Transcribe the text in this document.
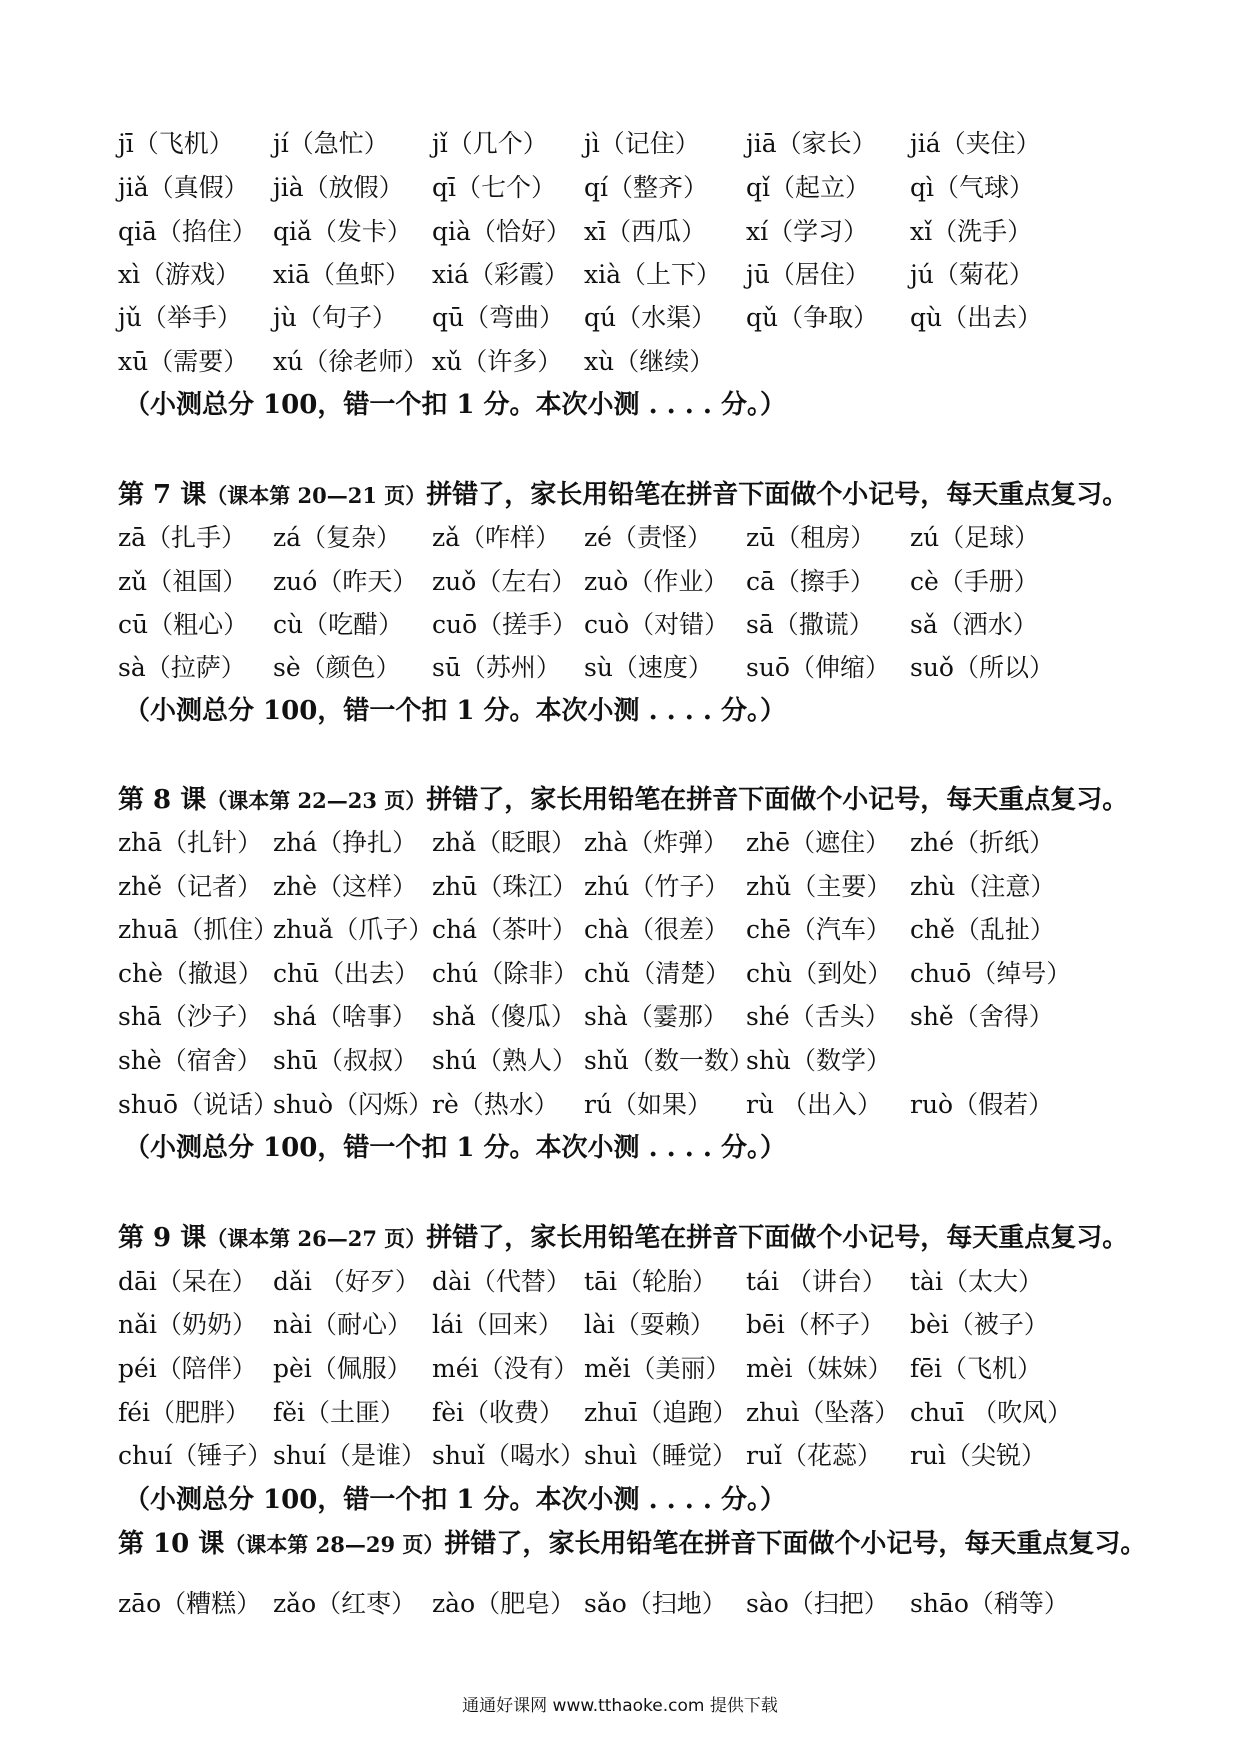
jī（飞机） jí（急忙） jǐ（几个） jì（记住） jiā（家长） jiá（夹住）
jiǎ（真假） jià（放假） qī（七个） qí（整齐） qǐ（起立） qì（气球）
qiā（掐住） qiǎ（发卡） qià（恰好） xī（西瓜） xí（学习） xǐ（洗手）
xì（游戏） xiā（鱼虾） xiá（彩霞） xià（上下） jū（居住） jú（菊花）
jǔ（举手） jù（句子） qū（弯曲） qú（水渠） qǔ（争取） qù（出去）
xū（需要） xú（徐老师） xǔ（许多） xù（继续）
（小测总分 100，错一个扣 1 分。本次小测 . . . . 分。）
第 7 课（课本第 20—21 页）拼错了，家长用铅笔在拼音下面做个小记号，每天重点复习。
zā（扎手） zá（复杂） zǎ（咋样） zé（责怪） zū（租房） zú（足球）
zǔ（祖国） zuó（昨天） zuǒ（左右） zuò（作业） cā（擦手） cè（手册）
cū（粗心） cù（吃醋） cuō（搓手） cuò（对错） sā（撒谎） sǎ（洒水）
sà（拉萨） sè（颜色） sū（苏州） sù（速度） suō（伸缩） suǒ（所以）
（小测总分 100，错一个扣 1 分。本次小测 . . . . 分。）
第 8 课（课本第 22—23 页）拼错了，家长用铅笔在拼音下面做个小记号，每天重点复习。
zhā（扎针） zhá（挣扎） zhǎ（眨眼） zhà（炸弹） zhē（遮住） zhé（折纸）
zhě（记者） zhè（这样） zhū（珠江） zhú（竹子） zhǔ（主要） zhù（注意）
zhuā（抓住）
zhuǎ（爪子）
chá（茶叶） chà（很差） chē（汽车） chě（乱扯）
chè（撤退） chū（出去） chú（除非） chǔ（清楚） chù（到处） chuō（绰号）
shā（沙子） shá（啥事） shǎ（傻瓜） shà（霎那） shé（舌头） shě（舍得）
shè（宿舍） shū（叔叔） shú（熟人） shǔ（数一数）
shù（数学）
shuō（说话）
shuò（闪烁）
rè（热水） rú（如果） rù （出入） ruò（假若）
（小测总分 100，错一个扣 1 分。本次小测 . . . . 分。）
第 9 课（课本第 26—27 页）拼错了，家长用铅笔在拼音下面做个小记号，每天重点复习。
dāi（呆在） dǎi （好歹） dài（代替） tāi（轮胎） tái （讲台） tài（太大）
nǎi（奶奶） nài（耐心） lái（回来） lài（耍赖） bēi（杯子） bèi（被子）
péi（陪伴） pèi（佩服） méi（没有） měi（美丽） mèi（妹妹） fēi（飞机）
féi（肥胖） fěi（土匪） fèi（收费） zhuī（追跑） zhuì（坠落） chuī （吹风）
chuí（锤子） shuí（是谁） shuǐ（喝水）
shuì（睡觉） ruǐ（花蕊） ruì（尖锐）
（小测总分 100，错一个扣 1 分。本次小测 . . . . 分。）
第 10 课（课本第 28—29 页）拼错了，家长用铅笔在拼音下面做个小记号，每天重点复习。
zāo（糟糕） zǎo（红枣） zào（肥皂） sǎo（扫地） sào（扫把） shāo（稍等）
通通好课网 www.tthaoke.com 提供下载
